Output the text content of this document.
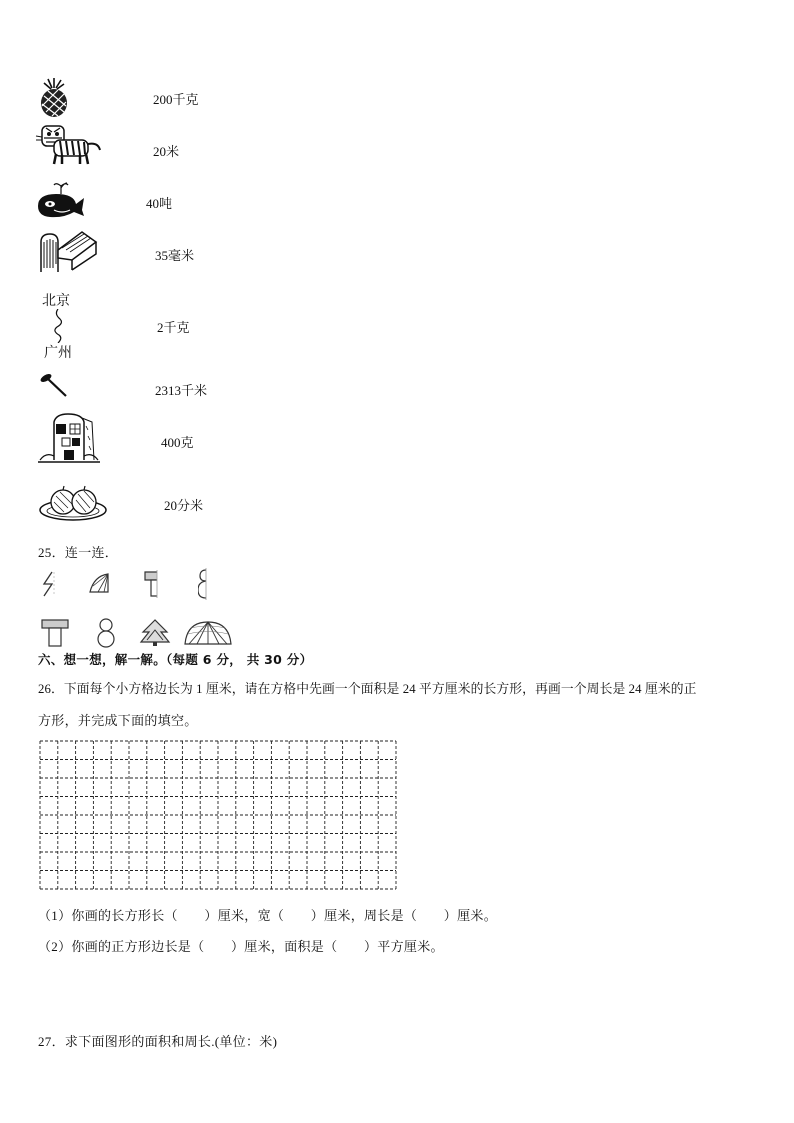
200千克
20米
40吨
35毫米
北京
广州
2千克
2313千米
400克
20分米
25．连一连．
六、想一想，解一解。（每题 6 分， 共 30 分）
26．下面每个小方格边长为 1 厘米，请在方格中先画一个面积是 24 平方厘米的长方形，再画一个周长是 24 厘米的正
方形，并完成下面的填空。
（1）你画的长方形长（　　）厘米，宽（　　）厘米，周长是（　　）厘米。
（2）你画的正方形边长是（　　）厘米，面积是（　　）平方厘米。
27．求下面图形的面积和周长.(单位：米)
